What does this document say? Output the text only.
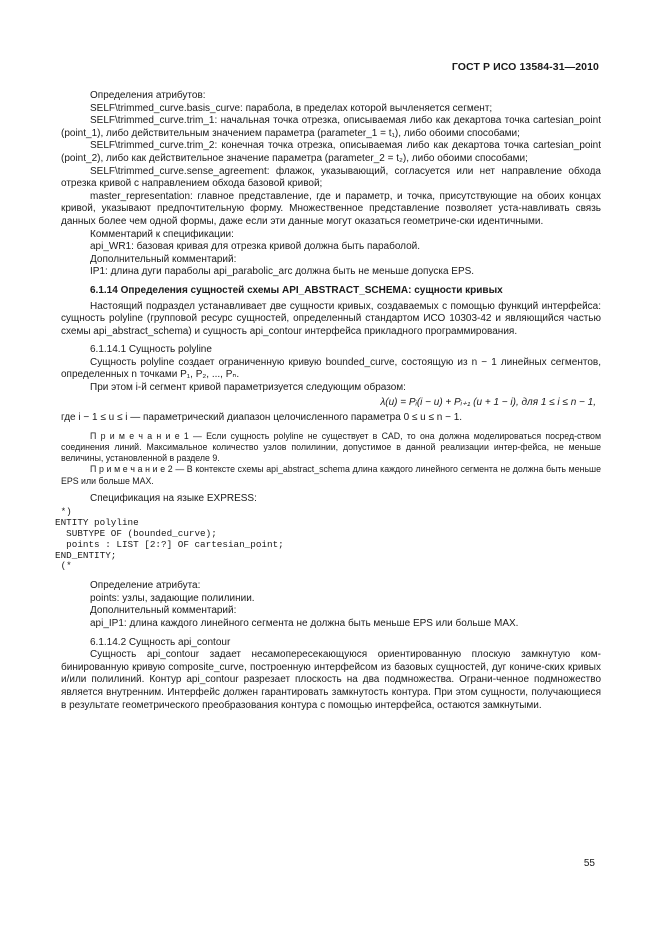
ГОСТ Р ИСО 13584-31—2010

Определения атрибутов:

SELF\trimmed_curve.basis_curve: парабола, в пределах которой вычленяется сегмент;

SELF\trimmed_curve.trim_1: начальная точка отрезка, описываемая либо как декартова точка cartesian_point (point_1), либо действительным значением параметра (parameter_1 = t₁), либо обоими способами;

SELF\trimmed_curve.trim_2: конечная точка отрезка, описываемая либо как декартова точка cartesian_point (point_2), либо как действительное значение параметра (parameter_2 = t₂), либо обоими способами;

SELF\trimmed_curve.sense_agreement: флажок, указывающий, согласуется или нет направление обхода отрезка кривой с направлением обхода базовой кривой;

master_representation: главное представление, где и параметр, и точка, присутствующие на обоих концах кривой, указывают предпочтительную форму. Множественное представление позволяет уста-навливать связь данных более чем одной формы, даже если эти данные могут оказаться геометриче-ски идентичными.

Комментарий к спецификации:

api_WR1: базовая кривая для отрезка кривой должна быть параболой.

Дополнительный комментарий:

IP1: длина дуги параболы api_parabolic_arc должна быть не меньше допуска EPS.

6.1.14 Определения сущностей схемы API_ABSTRACT_SCHEMA: сущности кривых

Настоящий подраздел устанавливает две сущности кривых, создаваемых с помощью функций интерфейса: сущность polyline (групповой ресурс сущностей, определенный стандартом ИСО 10303-42 и являющийся частью схемы api_abstract_schema) и сущность api_contour интерфейса прикладного программирования.

6.1.14.1 Сущность polyline

Сущность polyline создает ограниченную кривую bounded_curve, состоящую из n − 1 линейных сегментов, определенных n точками P₁, P₂, ..., Pₙ.

При этом i-й сегмент кривой параметризуется следующим образом:

λ(u) = Pᵢ(i − u) + Pᵢ₊₁ (u + 1 − i), для 1 ≤ i ≤ n − 1,

где i − 1 ≤ u ≤ i — параметрический диапазон целочисленного параметра 0 ≤ u ≤ n − 1.

П р и м е ч а н и е 1 — Если сущность polyline не существует в CAD, то она должна моделироваться посред-ством соединения линий. Максимальное количество узлов полилинии, допустимое в данной реализации интер-фейса, не меньше величины, установленной в разделе 9.

П р и м е ч а н и е 2 — В контексте схемы api_abstract_schema длина каждого линейного сегмента не должна быть меньше EPS или больше MAX.

Спецификация на языке EXPRESS:

*)
ENTITY polyline
SUBTYPE OF (bounded_curve);
points : LIST [2:?] OF cartesian_point;
END_ENTITY;
(*

Определение атрибута:

points: узлы, задающие полилинии.

Дополнительный комментарий:

api_IP1: длина каждого линейного сегмента не должна быть меньше EPS или больше MAX.

6.1.14.2 Сущность api_contour

Сущность api_contour задает несамопересекающуюся ориентированную плоскую замкнутую ком-бинированную кривую composite_curve, построенную интерфейсом из базовых сущностей, дуг кониче-ских кривых и/или полилиний. Контур api_contour разрезает плоскость на два подмножества. Ограни-ченное подмножество является внутренним. Интерфейс должен гарантировать замкнутость контура. При этом сущности, получающиеся в результате геометрического преобразования контура с помощью интерфейса, остаются замкнутыми.

55
